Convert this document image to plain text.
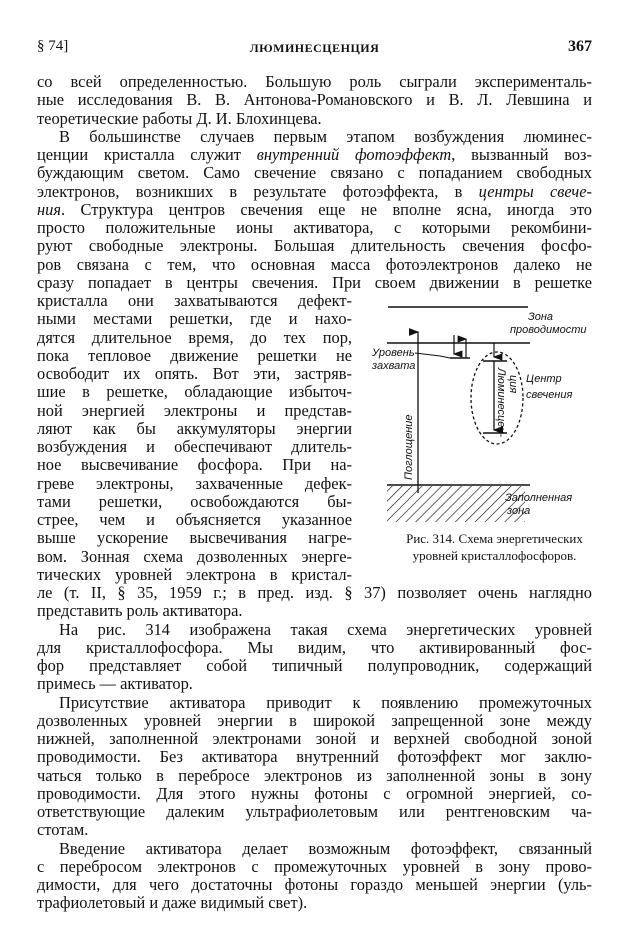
§ 74]	ЛЮМИНЕСЦЕНЦИЯ	367
со всей определенностью. Большую роль сыграли эксперименталь-
ные исследования В. В. Антонова-Романовского и В. Л. Левшина и
теоретические работы Д. И. Блохинцева.
В большинстве случаев первым этапом возбуждения люминес-
ценции кристалла служит внутренний фотоэффект, вызванный воз-
буждающим светом. Само свечение связано с попаданием свободных
электронов, возникших в результате фотоэффекта, в центры свече-
ния. Структура центров свечения еще не вполне ясна, иногда это
просто положительные ионы активатора, с которыми рекомбини-
руют свободные электроны. Большая длительность свечения фосфо-
ров связана с тем, что основная масса фотоэлектронов далеко не
сразу попадает в центры свечения. При своем движении в решетке
кристалла они захватываются дефект-
ными местами решетки, где и нахо-
дятся длительное время, до тех пор,
пока тепловое движение решетки не
освободит их опять. Вот эти, застряв-
шие в решетке, обладающие избыточ-
ной энергией электроны и представ-
ляют как бы аккумуляторы энергии
возбуждения и обеспечивают длитель-
ное высвечивание фосфора. При на-
греве электроны, захваченные дефек-
тами решетки, освобождаются бы-
стрее, чем и объясняется указанное
выше ускорение высвечивания нагре-
вом. Зонная схема дозволенных энерге-
тических уровней электрона в кристал-
ле (т. II, § 35, 1959 г.; в пред. изд. § 37) позволяет очень наглядно
представить роль активатора.
На рис. 314 изображена такая схема энергетических уровней
для кристаллофосфора. Мы видим, что активированный фос-
фор представляет собой типичный полупроводник, содержащий
примесь — активатор.
Присутствие активатора приводит к появлению промежуточных
дозволенных уровней энергии в широкой запрещенной зоне между
нижней, заполненной электронами зоной и верхней свободной зоной
проводимости. Без активатора внутренний фотоэффект мог заклю-
чаться только в перебросе электронов из заполненной зоны в зону
проводимости. Для этого нужны фотоны с огромной энергией, со-
ответствующие далеким ультрафиолетовым или рентгеновским ча-
стотам.
Введение активатора делает возможным фотоэффект, связанный
с перебросом электронов с промежуточных уровней в зону прово-
димости, для чего достаточны фотоны гораздо меньшей энергии (уль-
трафиолетовый и даже видимый свет).
Зона
проводимости
Уровень
захвата
Центр
свечения
Люминесцен- ция
Поглощение
Заполненная
зона
Рис. 314. Схема энергетических
уровней кристаллофосфоров.
